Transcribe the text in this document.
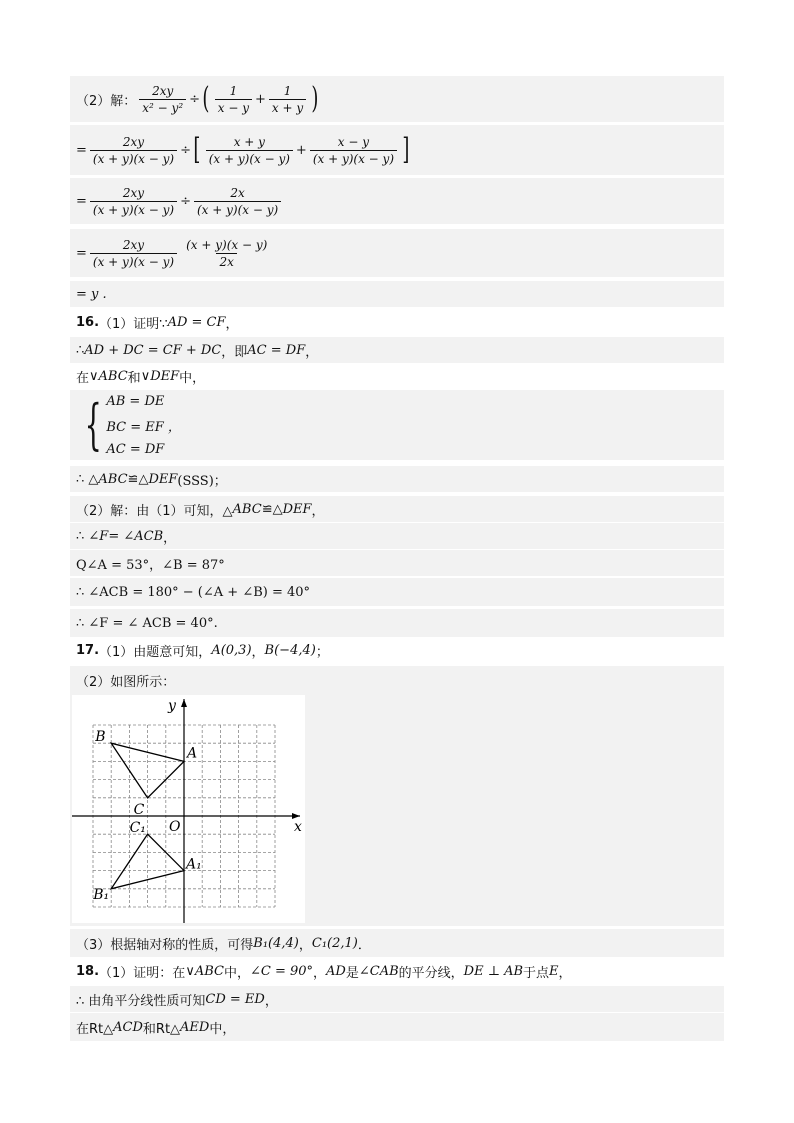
（2）解： $\frac{2xy}{\text{x² − y²}}$ ÷ ( $\frac{1}{x - y} + \frac{1}{x + y}$ )
= $\frac{2xy}{(x + y)(x - y)}$ ÷ [ $\frac{x + y}{(x + y)(x - y)} + \frac{x - y}{(x + y)(x - y)}$ ]
= $\frac{2xy}{(x + y)(x - y)} \div \frac{2x}{(x + y)(x - y)}$
= $\frac{2xy}{(x + y)(x - y)} \frac{(x + y)(x - y)}{2x}$
= y .
16. （1）证明∵ AD = CF ，
∴ AD + DC = CF + DC ，即 AC = DF ，
在 ∨ABC 和 ∨DEF 中，
{ AB = DE
BC = EF ，
AC = DF
∴ △ ABC ≌△ DEF (SSS)；
（2）解：由（1）可知，△ ABC ≌△ DEF ，
∴ ∠ F = ∠ ACB ，
Q∠A = 53°，∠B = 87°
∴ ∠ACB = 180° − (∠A + ∠B) = 40°
∴ ∠F = ∠ ACB = 40°.
17. （1）由题意可知， A(0,3) ， B(−4,4) ；
（2）如图所示：
A
B
C
A₁
B₁
C₁ O	x
y
（3）根据轴对称的性质，可得 B₁(4,4) ， C₁(2,1) ．
18. （1）证明：在 ∨ABC 中， ∠C = 90° ， AD 是 ∠CAB 的平分线， DE ⊥ AB 于点 E ，
∴ 由角平分线性质可知 CD = ED ，
在Rt△ ACD 和Rt△ AED 中，
